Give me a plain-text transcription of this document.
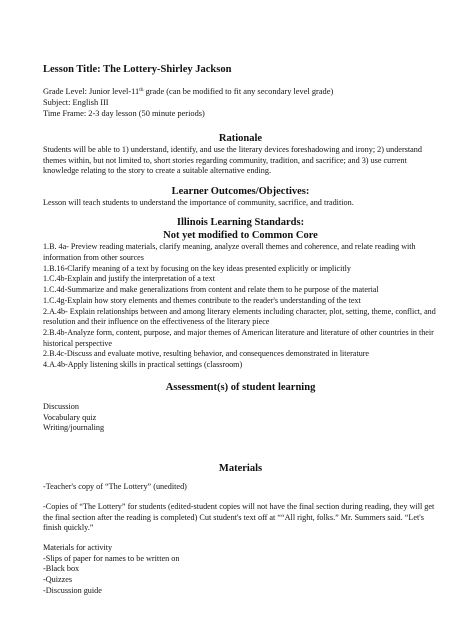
Lesson Title: The Lottery-Shirley Jackson
Grade Level: Junior level-11th grade (can be modified to fit any secondary level grade)
Subject: English III
Time Frame: 2-3 day lesson (50 minute periods)
Rationale
Students will be able to 1) understand, identify, and use the literary devices foreshadowing and irony; 2) understand themes within, but not limited to, short stories regarding community, tradition, and sacrifice; and 3) use current knowledge relating to the story to create a suitable alternative ending.
Learner Outcomes/Objectives:
Lesson will teach students to understand the importance of community, sacrifice, and tradition.
Illinois Learning Standards:
Not yet modified to Common Core
1.B. 4a- Preview reading materials, clarify meaning, analyze overall themes and coherence, and relate reading with information from other sources
1.B.16-Clarify meaning of a text by focusing on the key ideas presented explicitly or implicitly
1.C.4b-Explain and justify the interpretation of a text
1.C.4d-Summarize and make generalizations from content and relate them to he purpose of the material
1.C.4g-Explain how story elements and themes contribute to the reader's understanding of the text
2.A.4b- Explain relationships between and among literary elements including character, plot, setting, theme, conflict, and resolution and their influence on the effectiveness of the literary piece
2.B.4b-Analyze form, content, purpose, and major themes of American literature and literature of other countries in their historical perspective
2.B.4c-Discuss and evaluate motive, resulting behavior, and consequences demonstrated in literature
4.A.4b-Apply listening skills in practical settings (classroom)
Assessment(s) of student learning
Discussion
Vocabulary quiz
Writing/journaling
Materials
-Teacher's copy of “The Lottery” (unedited)
-Copies of “The Lottery” for students (edited-student copies will not have the final section during reading, they will get the final section after the reading is completed) Cut student's text off at ““All right, folks.” Mr. Summers said. “Let's finish quickly.”
Materials for activity
-Slips of paper for names to be written on
-Black box
-Quizzes
-Discussion guide
